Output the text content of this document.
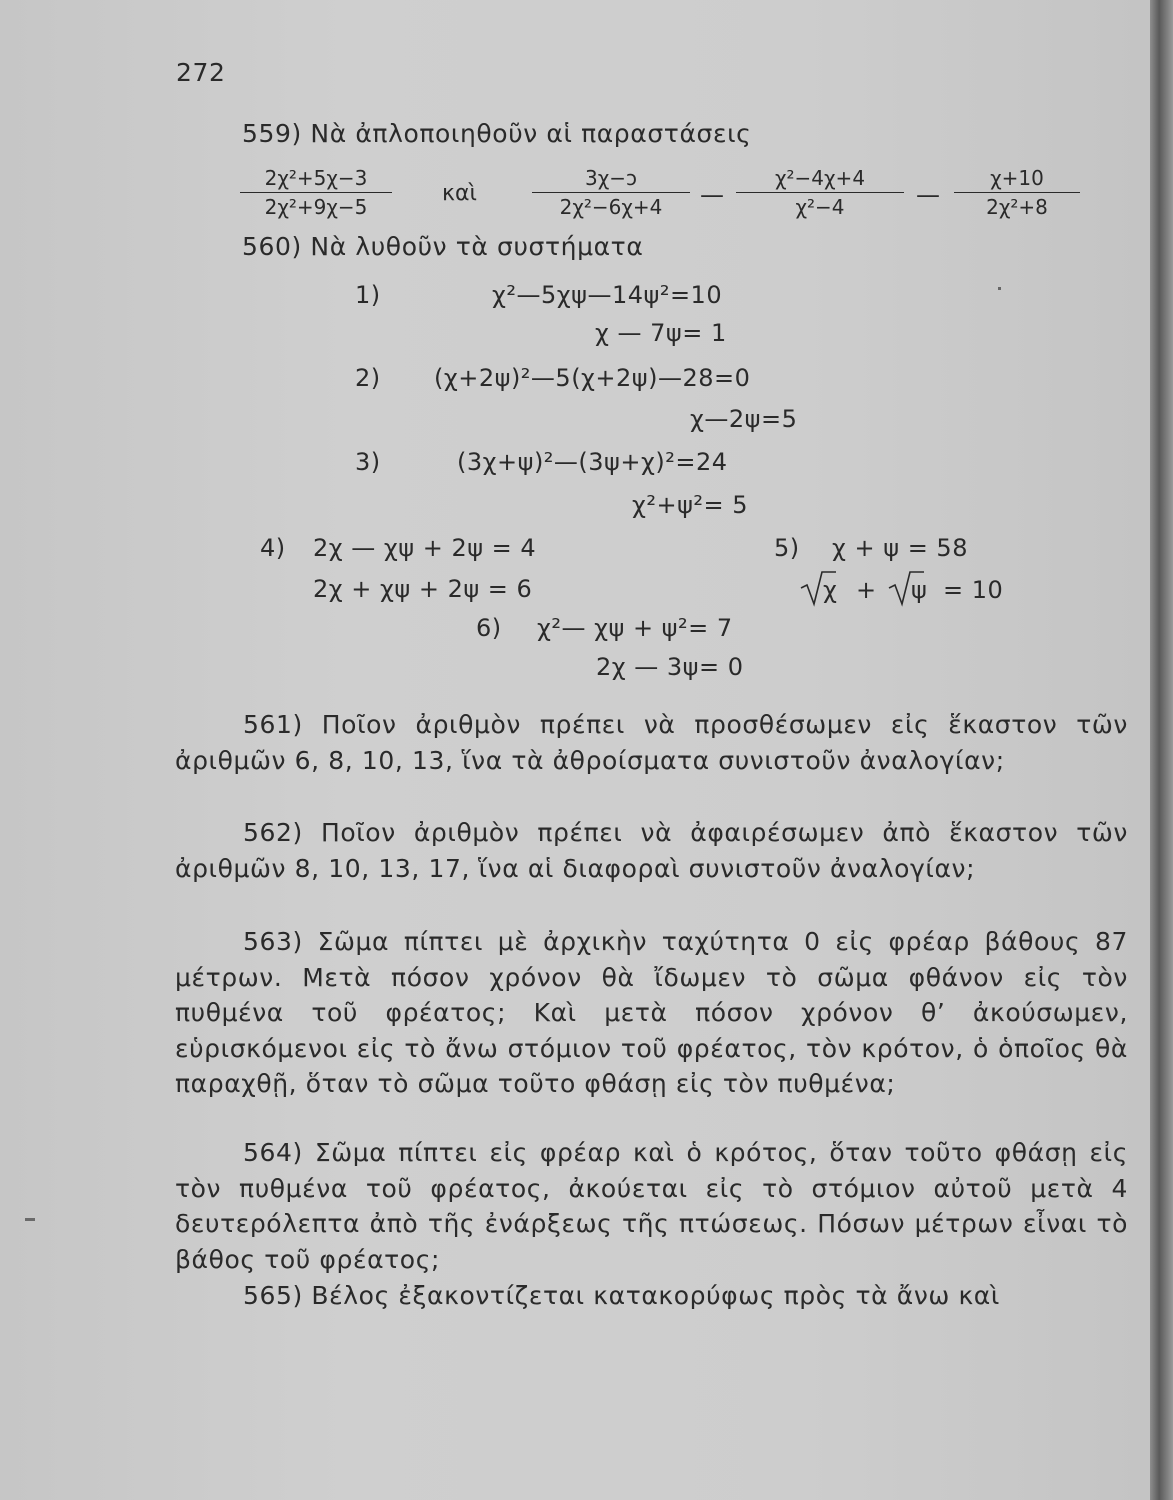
272
559) Νὰ ἀπλοποιηθοῦν αἱ παραστάσεις
$\frac{\text{2χ²+5χ−3}}{\text{2χ²+9χ−5}}$ καὶ	$\frac{\text{3χ−ɔ}}{\text{2χ²−6χ+4}}$ — $\frac{\text{χ²−4χ+4}}{\text{χ²−4}}$ — $\frac{\chi+10}{\text{2χ²+8}}$
560) Νὰ λυθοῦν τὰ συστήματα
1)	χ²—5χψ—14ψ²=10
χ — 7ψ= 1
2) (χ+2ψ)²—5(χ+2ψ)—28=0
χ—2ψ=5
3)	(3χ+ψ)²—(3ψ+χ)²=24
χ²+ψ²= 5
4) 2χ — χψ + 2ψ = 4
2χ + χψ + 2ψ = 6
5) χ + ψ = 58
χ + ψ = 10
6) χ²— χψ + ψ²= 7
2χ — 3ψ= 0
561) Ποῖον ἀριθμὸν πρέπει νὰ προσθέσωμεν εἰς ἕκαστον τῶν ἀριθμῶν 6, 8, 10, 13, ἵνα τὰ ἀθροίσματα συνιστοῦν ἀναλογίαν;
562) Ποῖον ἀριθμὸν πρέπει νὰ ἀφαιρέσωμεν ἀπὸ ἕκαστον τῶν ἀριθμῶν 8, 10, 13, 17, ἵνα αἱ διαφοραὶ συνιστοῦν ἀναλογίαν;
563) Σῶμα πίπτει μὲ ἀρχικὴν ταχύτητα 0 εἰς φρέαρ βάθους 87 μέτρων. Μετὰ πόσον χρόνον θὰ ἴδωμεν τὸ σῶμα φθάνον εἰς τὸν πυθμένα τοῦ φρέατος; Καὶ μετὰ πόσον χρόνον θ’ ἀκούσωμεν, εὑρισκόμενοι εἰς τὸ ἄνω στόμιον τοῦ φρέατος, τὸν κρότον, ὁ ὁποῖος θὰ παραχθῇ, ὅταν τὸ σῶμα τοῦτο φθάσῃ εἰς τὸν πυθμένα;
564) Σῶμα πίπτει εἰς φρέαρ καὶ ὁ κρότος, ὅταν τοῦτο φθάσῃ εἰς τὸν πυθμένα τοῦ φρέατος, ἀκούεται εἰς τὸ στόμιον αὐτοῦ μετὰ 4 δευτερόλεπτα ἀπὸ τῆς ἐνάρξεως τῆς πτώσεως. Πόσων μέτρων εἶναι τὸ βάθος τοῦ φρέατος;
565) Βέλος ἐξακοντίζεται κατακορύφως πρὸς τὰ ἄνω καὶ
